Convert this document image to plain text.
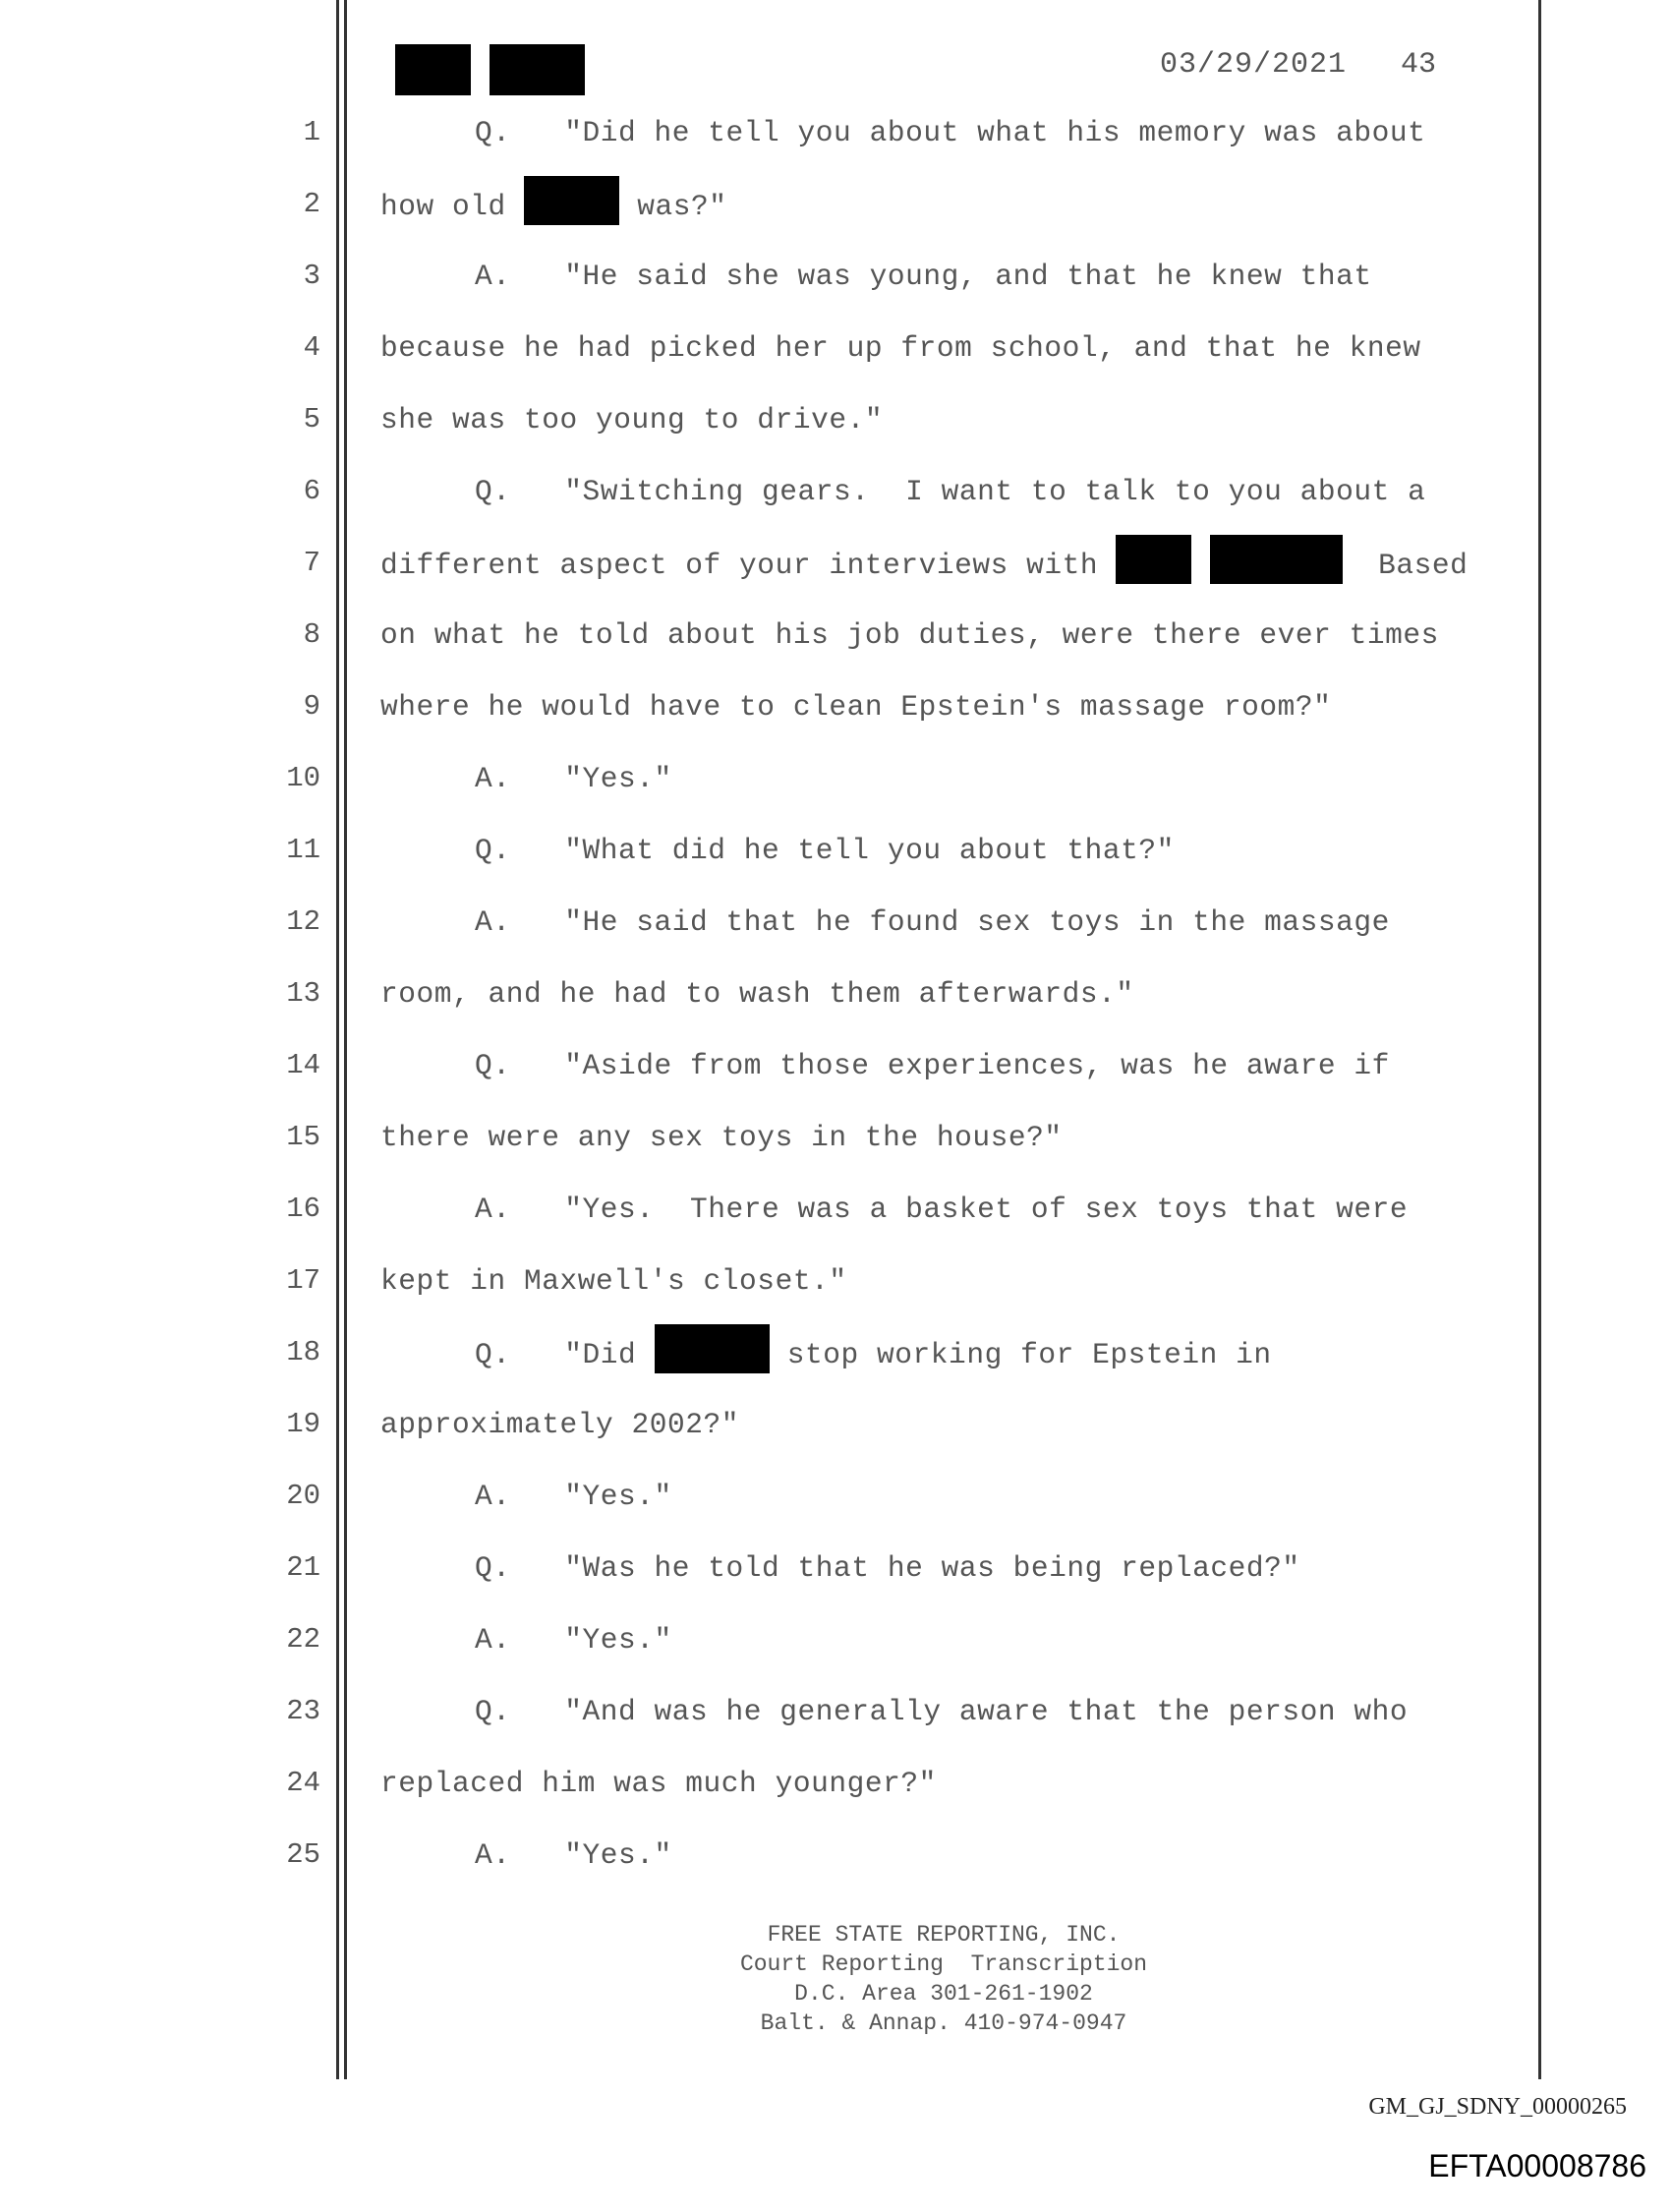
03/29/2021 43
1	Q.   "Did he tell you about what his memory was about
2 how old	was?"
3	A.   "He said she was young, and that he knew that
4 because he had picked her up from school, and that he knew
5 she was too young to drive."
6	Q.   "Switching gears.  I want to talk to you about a
7 different aspect of your interviews with	Based
8 on what he told about his job duties, were there ever times
9 where he would have to clean Epstein's massage room?"
10	A.   "Yes."
11	Q.   "What did he tell you about that?"
12	A.   "He said that he found sex toys in the massage
13 room, and he had to wash them afterwards."
14	Q.   "Aside from those experiences, was he aware if
15 there were any sex toys in the house?"
16	A.   "Yes.  There was a basket of sex toys that were
17 kept in Maxwell's closet."
18	Q.   "Did	stop working for Epstein in
19 approximately 2002?"
20	A.   "Yes."
21	Q.   "Was he told that he was being replaced?"
22	A.   "Yes."
23	Q.   "And was he generally aware that the person who
24 replaced him was much younger?"
25	A.   "Yes."
FREE STATE REPORTING, INC.
Court Reporting  Transcription
D.C. Area 301-261-1902
Balt. & Annap. 410-974-0947
GM_GJ_SDNY_00000265
EFTA00008786
